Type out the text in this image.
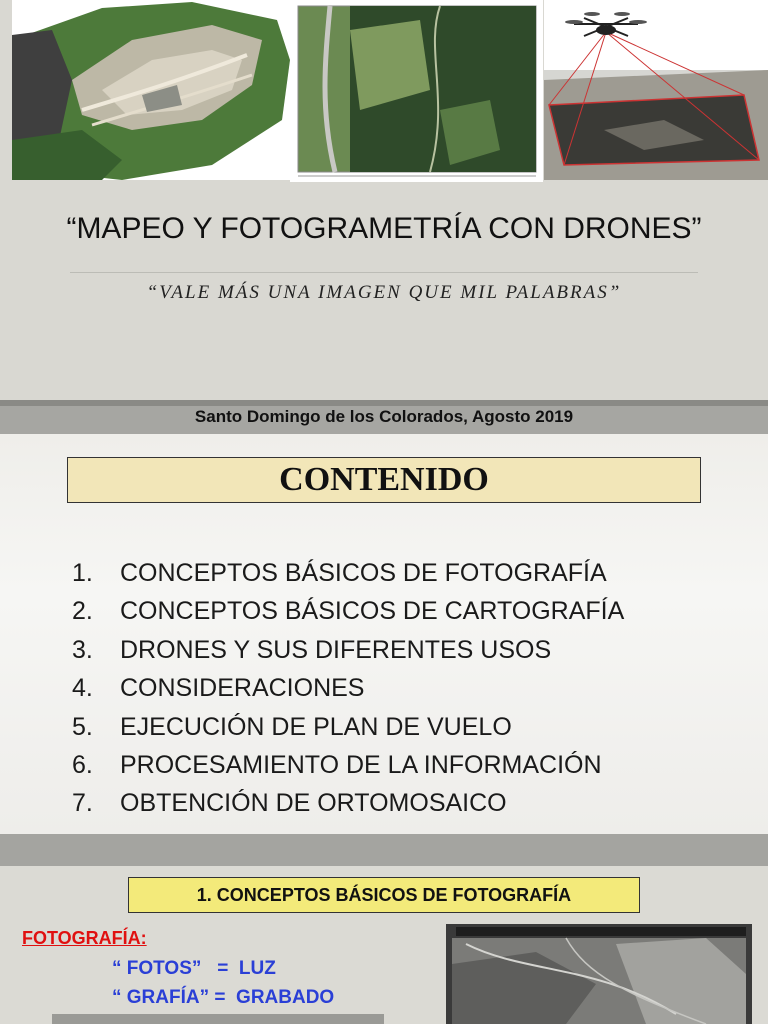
“MAPEO Y FOTOGRAMETRÍA CON DRONES”
“VALE MÁS UNA IMAGEN QUE MIL PALABRAS”
Santo Domingo de los Colorados, Agosto 2019
CONTENIDO
1. CONCEPTOS BÁSICOS DE FOTOGRAFÍA
2. CONCEPTOS BÁSICOS DE CARTOGRAFÍA
3. DRONES Y SUS DIFERENTES USOS
4. CONSIDERACIONES
5. EJECUCIÓN DE PLAN DE VUELO
6. PROCESAMIENTO DE LA INFORMACIÓN
7. OBTENCIÓN DE ORTOMOSAICO
1. CONCEPTOS BÁSICOS DE FOTOGRAFÍA
FOTOGRAFÍA:
“ FOTOS”   =  LUZ
“ GRAFÍA” =  GRABADO
